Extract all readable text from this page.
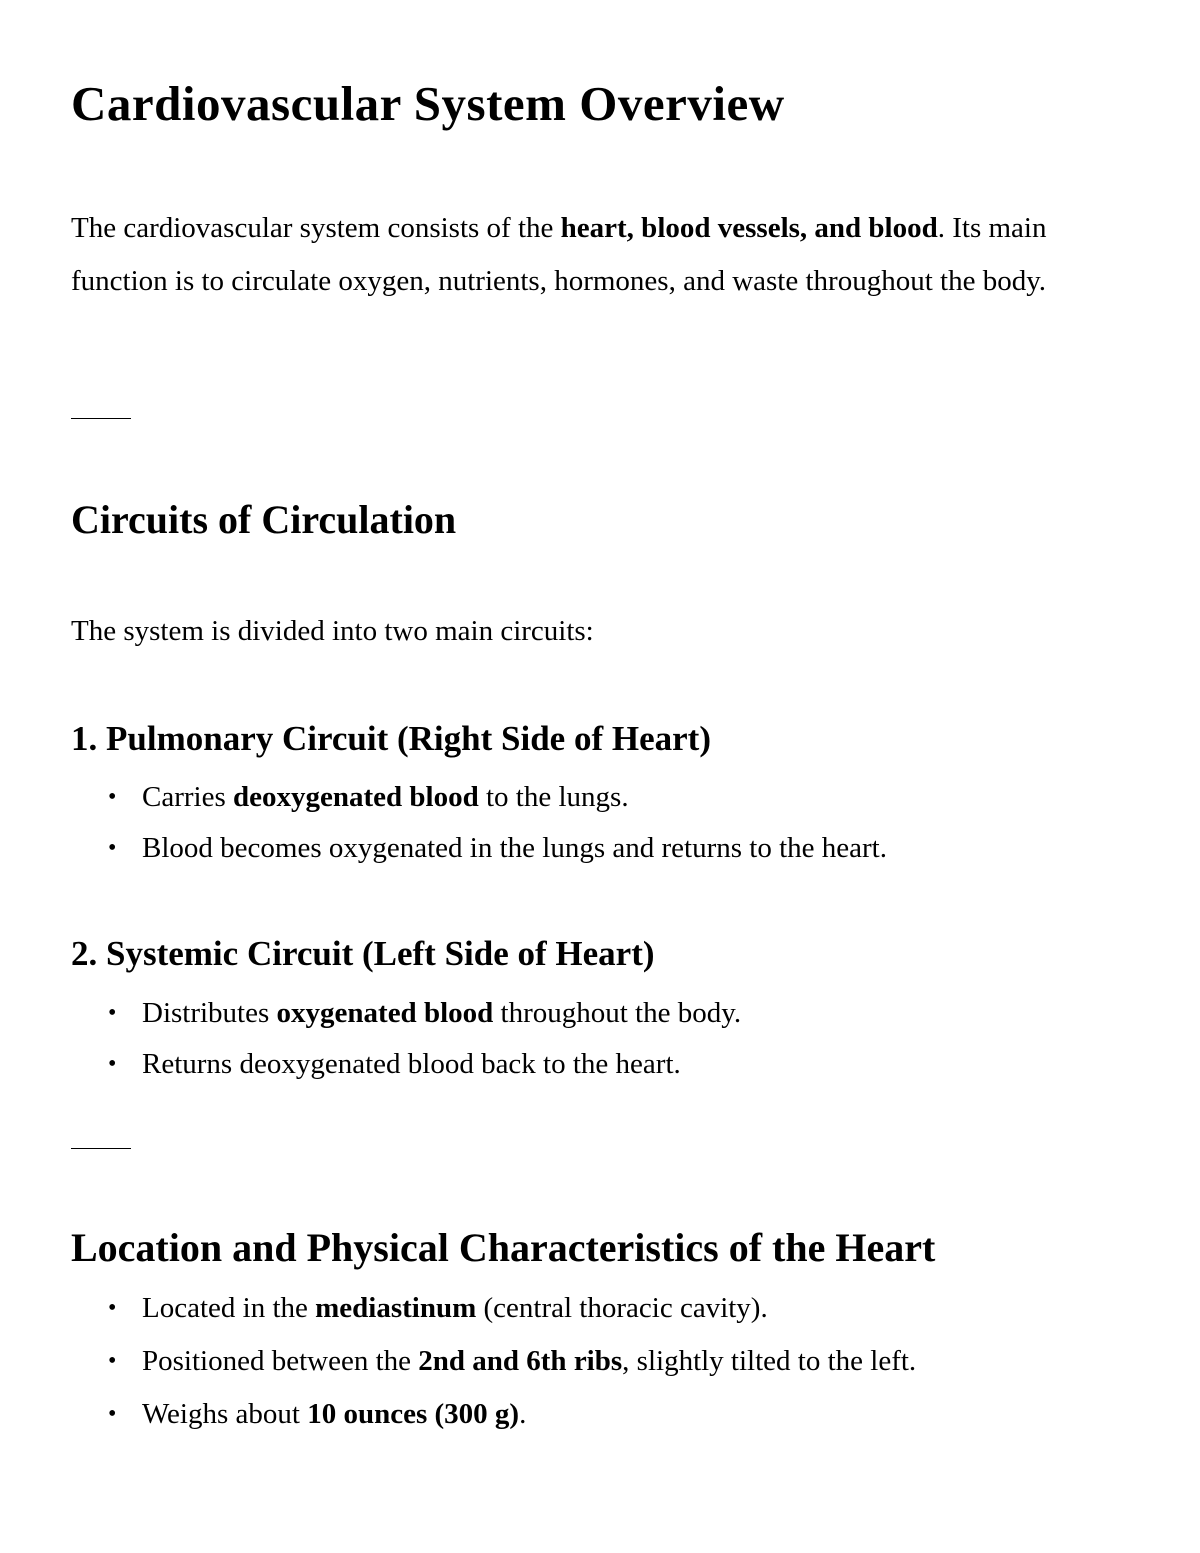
Cardiovascular System Overview

The cardiovascular system consists of the heart, blood vessels, and blood. Its main function is to circulate oxygen, nutrients, hormones, and waste throughout the body.

Circuits of Circulation

The system is divided into two main circuits:

1. Pulmonary Circuit (Right Side of Heart)
• Carries deoxygenated blood to the lungs.
• Blood becomes oxygenated in the lungs and returns to the heart.
2. Systemic Circuit (Left Side of Heart)
• Distributes oxygenated blood throughout the body.
• Returns deoxygenated blood back to the heart.
Location and Physical Characteristics of the Heart
• Located in the mediastinum (central thoracic cavity).
• Positioned between the 2nd and 6th ribs, slightly tilted to the left.
• Weighs about 10 ounces (300 g).
